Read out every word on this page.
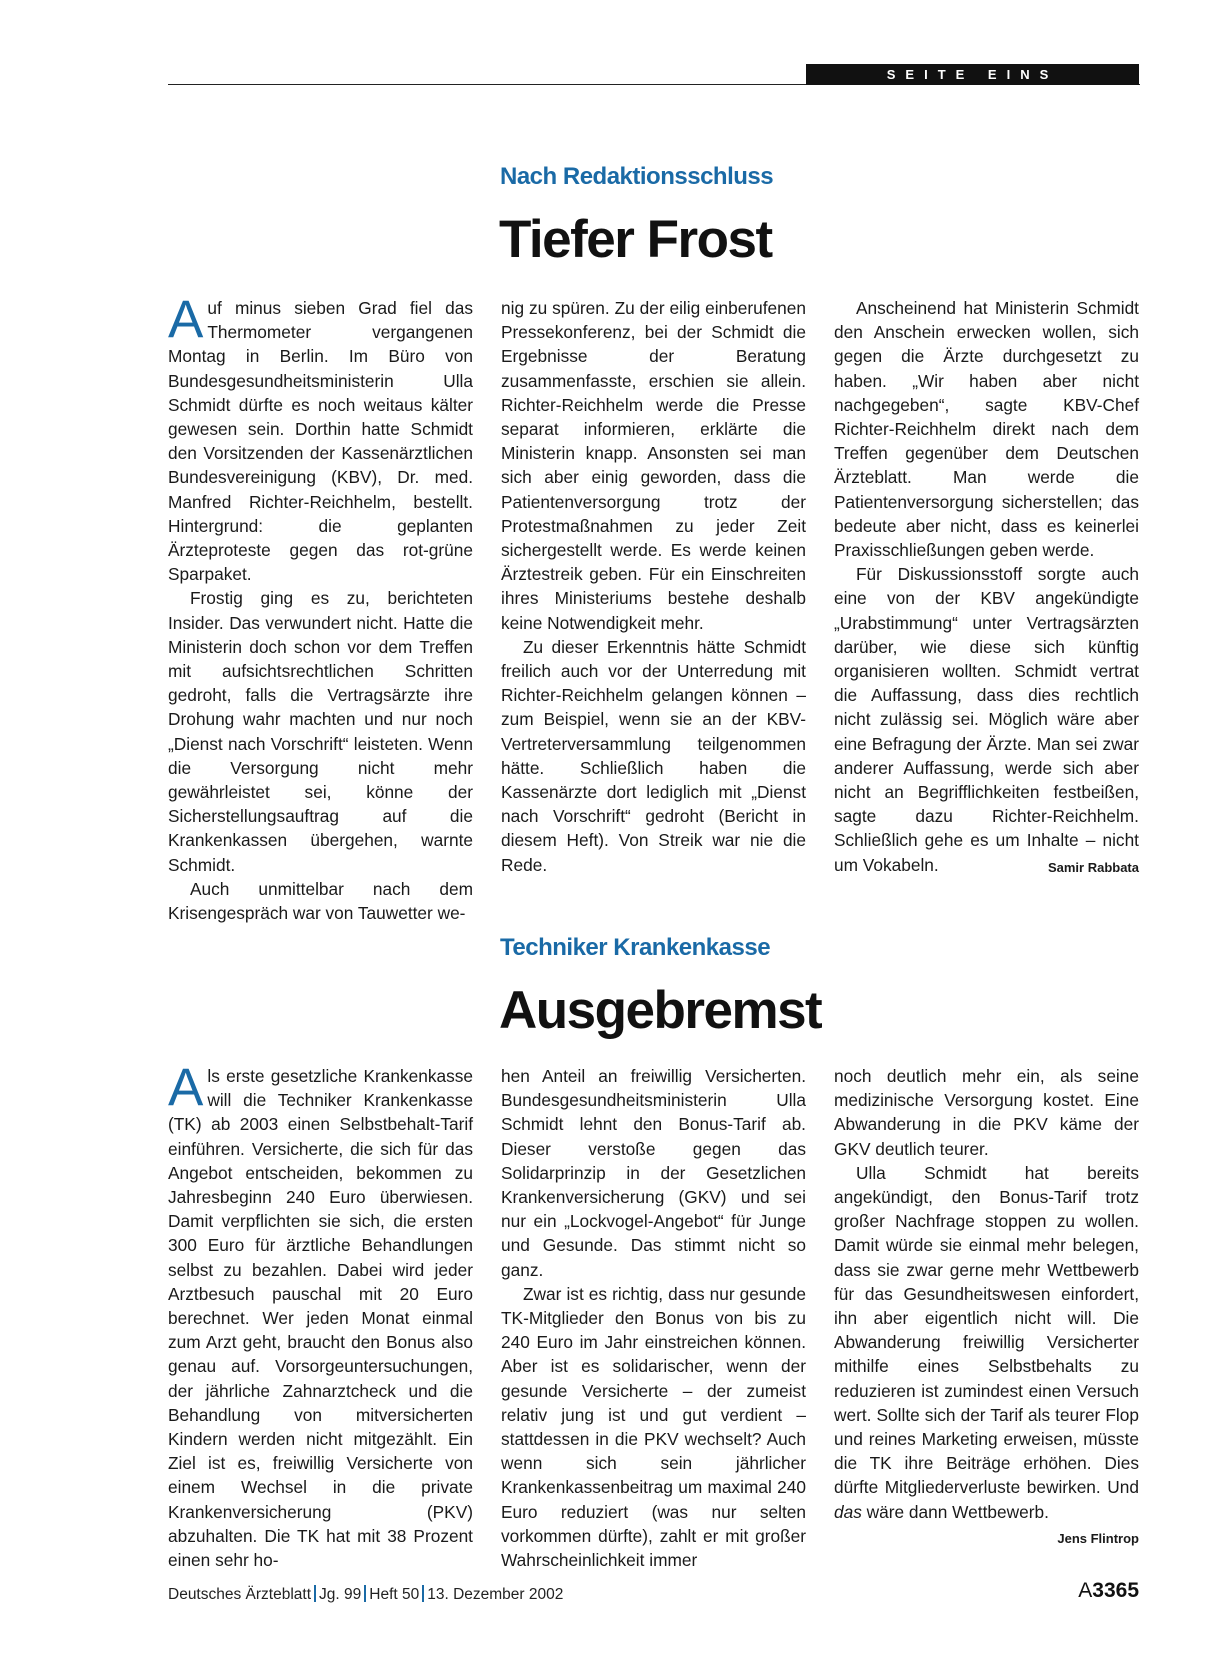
SEITE EINS
Nach Redaktionsschluss
Tiefer Frost

Auf minus sieben Grad fiel das Thermometer vergangenen Montag in Berlin. Im Büro von Bundesgesundheitsministerin Ulla Schmidt dürfte es noch weitaus kälter gewesen sein. Dorthin hatte Schmidt den Vorsitzenden der Kassenärztlichen Bundesvereinigung (KBV), Dr. med. Manfred Richter-Reichhelm, bestellt. Hintergrund: die geplanten Ärzteproteste gegen das rot-grüne Sparpaket.

Frostig ging es zu, berichteten Insider. Das verwundert nicht. Hatte die Ministerin doch schon vor dem Treffen mit aufsichtsrechtlichen Schritten gedroht, falls die Vertragsärzte ihre Drohung wahr machten und nur noch „Dienst nach Vorschrift“ leisteten. Wenn die Versorgung nicht mehr gewährleistet sei, könne der Sicherstellungsauftrag auf die Krankenkassen übergehen, warnte Schmidt.

Auch unmittelbar nach dem Krisengespräch war von Tauwetter we-

nig zu spüren. Zu der eilig einberufenen Pressekonferenz, bei der Schmidt die Ergebnisse der Beratung zusammenfasste, erschien sie allein. Richter-Reichhelm werde die Presse separat informieren, erklärte die Ministerin knapp. Ansonsten sei man sich aber einig geworden, dass die Patientenversorgung trotz der Protestmaßnahmen zu jeder Zeit sichergestellt werde. Es werde keinen Ärztestreik geben. Für ein Einschreiten ihres Ministeriums bestehe deshalb keine Notwendigkeit mehr.

Zu dieser Erkenntnis hätte Schmidt freilich auch vor der Unterredung mit Richter-Reichhelm gelangen können – zum Beispiel, wenn sie an der KBV-Vertreterversammlung teilgenommen hätte. Schließlich haben die Kassenärzte dort lediglich mit „Dienst nach Vorschrift“ gedroht (Bericht in diesem Heft). Von Streik war nie die Rede.

Anscheinend hat Ministerin Schmidt den Anschein erwecken wollen, sich gegen die Ärzte durchgesetzt zu haben. „Wir haben aber nicht nachgegeben“, sagte KBV-Chef Richter-Reichhelm direkt nach dem Treffen gegenüber dem Deutschen Ärzteblatt. Man werde die Patientenversorgung sicherstellen; das bedeute aber nicht, dass es keinerlei Praxisschließungen geben werde.

Für Diskussionsstoff sorgte auch eine von der KBV angekündigte „Urabstimmung“ unter Vertragsärzten darüber, wie diese sich künftig organisieren wollten. Schmidt vertrat die Auffassung, dass dies rechtlich nicht zulässig sei. Möglich wäre aber eine Befragung der Ärzte. Man sei zwar anderer Auffassung, werde sich aber nicht an Begrifflichkeiten festbeißen, sagte dazu Richter-Reichhelm. Schließlich gehe es um Inhalte – nicht um Vokabeln.	Samir Rabbata

Techniker Krankenkasse
Ausgebremst

Als erste gesetzliche Krankenkasse will die Techniker Krankenkasse (TK) ab 2003 einen Selbstbehalt-Tarif einführen. Versicherte, die sich für das Angebot entscheiden, bekommen zu Jahresbeginn 240 Euro überwiesen. Damit verpflichten sie sich, die ersten 300 Euro für ärztliche Behandlungen selbst zu bezahlen. Dabei wird jeder Arztbesuch pauschal mit 20 Euro berechnet. Wer jeden Monat einmal zum Arzt geht, braucht den Bonus also genau auf. Vorsorgeuntersuchungen, der jährliche Zahnarztcheck und die Behandlung von mitversicherten Kindern werden nicht mitgezählt. Ein Ziel ist es, freiwillig Versicherte von einem Wechsel in die private Krankenversicherung (PKV) abzuhalten. Die TK hat mit 38 Prozent einen sehr ho-

hen Anteil an freiwillig Versicherten. Bundesgesundheitsministerin Ulla Schmidt lehnt den Bonus-Tarif ab. Dieser verstoße gegen das Solidarprinzip in der Gesetzlichen Krankenversicherung (GKV) und sei nur ein „Lockvogel-Angebot“ für Junge und Gesunde. Das stimmt nicht so ganz.

Zwar ist es richtig, dass nur gesunde TK-Mitglieder den Bonus von bis zu 240 Euro im Jahr einstreichen können. Aber ist es solidarischer, wenn der gesunde Versicherte – der zumeist relativ jung ist und gut verdient – stattdessen in die PKV wechselt? Auch wenn sich sein jährlicher Krankenkassenbeitrag um maximal 240 Euro reduziert (was nur selten vorkommen dürfte), zahlt er mit großer Wahrscheinlichkeit immer

noch deutlich mehr ein, als seine medizinische Versorgung kostet. Eine Abwanderung in die PKV käme der GKV deutlich teurer.

Ulla Schmidt hat bereits angekündigt, den Bonus-Tarif trotz großer Nachfrage stoppen zu wollen. Damit würde sie einmal mehr belegen, dass sie zwar gerne mehr Wettbewerb für das Gesundheitswesen einfordert, ihn aber eigentlich nicht will. Die Abwanderung freiwillig Versicherter mithilfe eines Selbstbehalts zu reduzieren ist zumindest einen Versuch wert. Sollte sich der Tarif als teurer Flop und reines Marketing erweisen, müsste die TK ihre Beiträge erhöhen. Dies dürfte Mitgliederverluste bewirken. Und das wäre dann Wettbewerb.
Jens Flintrop

Deutsches Ärzteblatt Jg. 99 Heft 50 13. Dezember 2002	A3365
